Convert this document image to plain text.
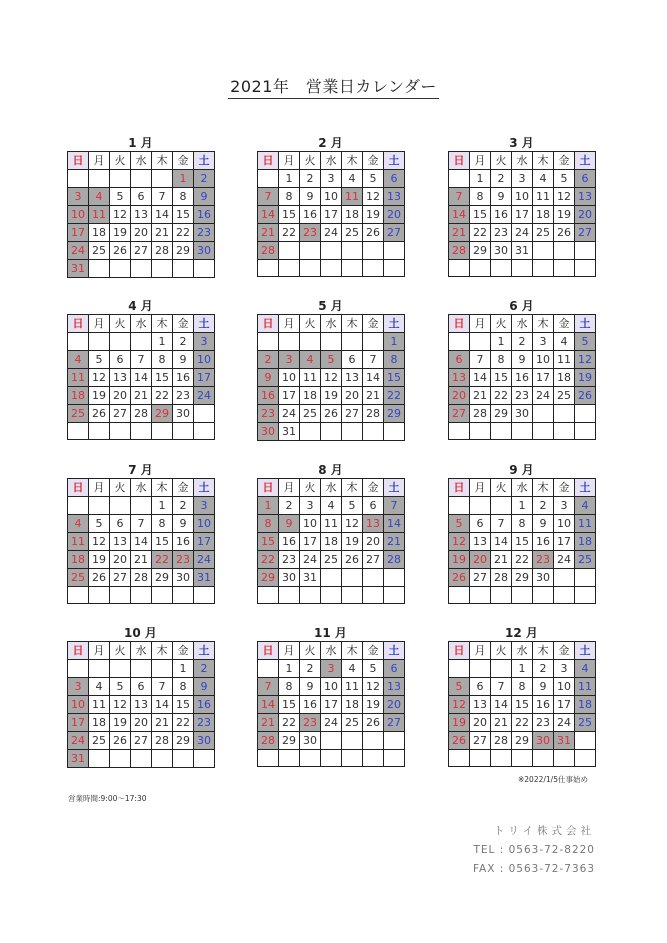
2021年　営業日カレンダー
1 月
日	月	火	水	木	金	土
					1	2
3	4	5	6	7	8	9
10	11	12	13	14	15	16
17	18	19	20	21	22	23
24	25	26	27	28	29	30
31						
2 月
日	月	火	水	木	金	土
	1	2	3	4	5	6
7	8	9	10	11	12	13
14	15	16	17	18	19	20
21	22	23	24	25	26	27
28						

3 月
日	月	火	水	木	金	土
	1	2	3	4	5	6
7	8	9	10	11	12	13
14	15	16	17	18	19	20
21	22	23	24	25	26	27
28	29	30	31			

4 月
日	月	火	水	木	金	土
				1	2	3
4	5	6	7	8	9	10
11	12	13	14	15	16	17
18	19	20	21	22	23	24
25	26	27	28	29	30	

5 月
日	月	火	水	木	金	土
						1
2	3	4	5	6	7	8
9	10	11	12	13	14	15
16	17	18	19	20	21	22
23	24	25	26	27	28	29
30	31					
6 月
日	月	火	水	木	金	土
		1	2	3	4	5
6	7	8	9	10	11	12
13	14	15	16	17	18	19
20	21	22	23	24	25	26
27	28	29	30			

7 月
日	月	火	水	木	金	土
				1	2	3
4	5	6	7	8	9	10
11	12	13	14	15	16	17
18	19	20	21	22	23	24
25	26	27	28	29	30	31

8 月
日	月	火	水	木	金	土
1	2	3	4	5	6	7
8	9	10	11	12	13	14
15	16	17	18	19	20	21
22	23	24	25	26	27	28
29	30	31				

9 月
日	月	火	水	木	金	土
			1	2	3	4
5	6	7	8	9	10	11
12	13	14	15	16	17	18
19	20	21	22	23	24	25
26	27	28	29	30		

10 月
日	月	火	水	木	金	土
					1	2
3	4	5	6	7	8	9
10	11	12	13	14	15	16
17	18	19	20	21	22	23
24	25	26	27	28	29	30
31						
11 月
日	月	火	水	木	金	土
	1	2	3	4	5	6
7	8	9	10	11	12	13
14	15	16	17	18	19	20
21	22	23	24	25	26	27
28	29	30				

12 月
日	月	火	水	木	金	土
			1	2	3	4
5	6	7	8	9	10	11
12	13	14	15	16	17	18
19	20	21	22	23	24	25
26	27	28	29	30	31	

※2022/1/5仕事始め
営業時間:9:00～17:30
トリイ株式会社
TEL : 0563-72-8220
FAX : 0563-72-7363
